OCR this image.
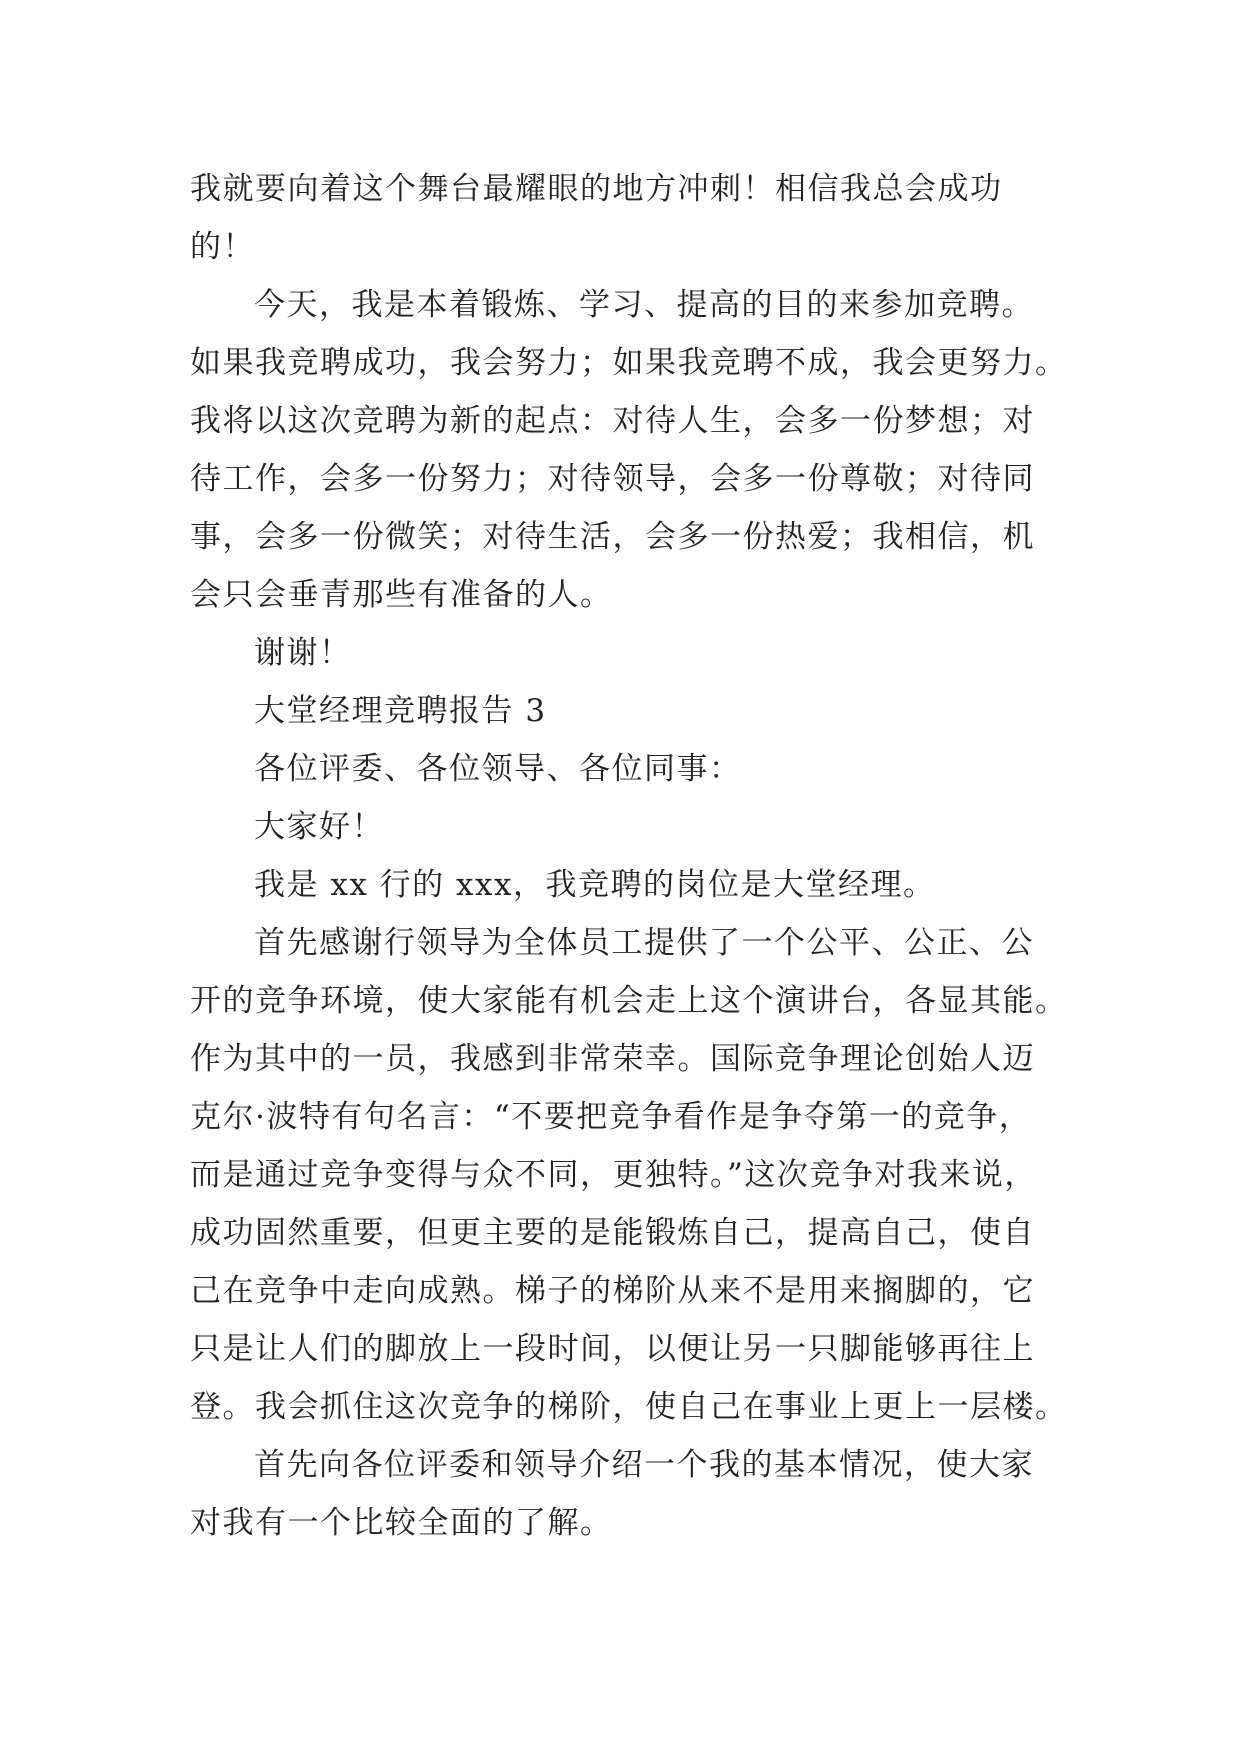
我就要向着这个舞台最耀眼的地方冲刺！相信我总会成功
的！

今天，我是本着锻炼、学习、提高的目的来参加竞聘。
如果我竞聘成功，我会努力；如果我竞聘不成，我会更努力。
我将以这次竞聘为新的起点：对待人生，会多一份梦想；对
待工作，会多一份努力；对待领导，会多一份尊敬；对待同
事，会多一份微笑；对待生活，会多一份热爱；我相信，机
会只会垂青那些有准备的人。

谢谢！

大堂经理竞聘报告 3

各位评委、各位领导、各位同事：

大家好！

我是 xx 行的 xxx，我竞聘的岗位是大堂经理。

首先感谢行领导为全体员工提供了一个公平、公正、公
开的竞争环境，使大家能有机会走上这个演讲台，各显其能。
作为其中的一员，我感到非常荣幸。国际竞争理论创始人迈
克尔·波特有句名言：“不要把竞争看作是争夺第一的竞争，
而是通过竞争变得与众不同，更独特。”这次竞争对我来说，
成功固然重要，但更主要的是能锻炼自己，提高自己，使自
己在竞争中走向成熟。梯子的梯阶从来不是用来搁脚的，它
只是让人们的脚放上一段时间，以便让另一只脚能够再往上
登。我会抓住这次竞争的梯阶，使自己在事业上更上一层楼。

首先向各位评委和领导介绍一个我的基本情况，使大家
对我有一个比较全面的了解。
